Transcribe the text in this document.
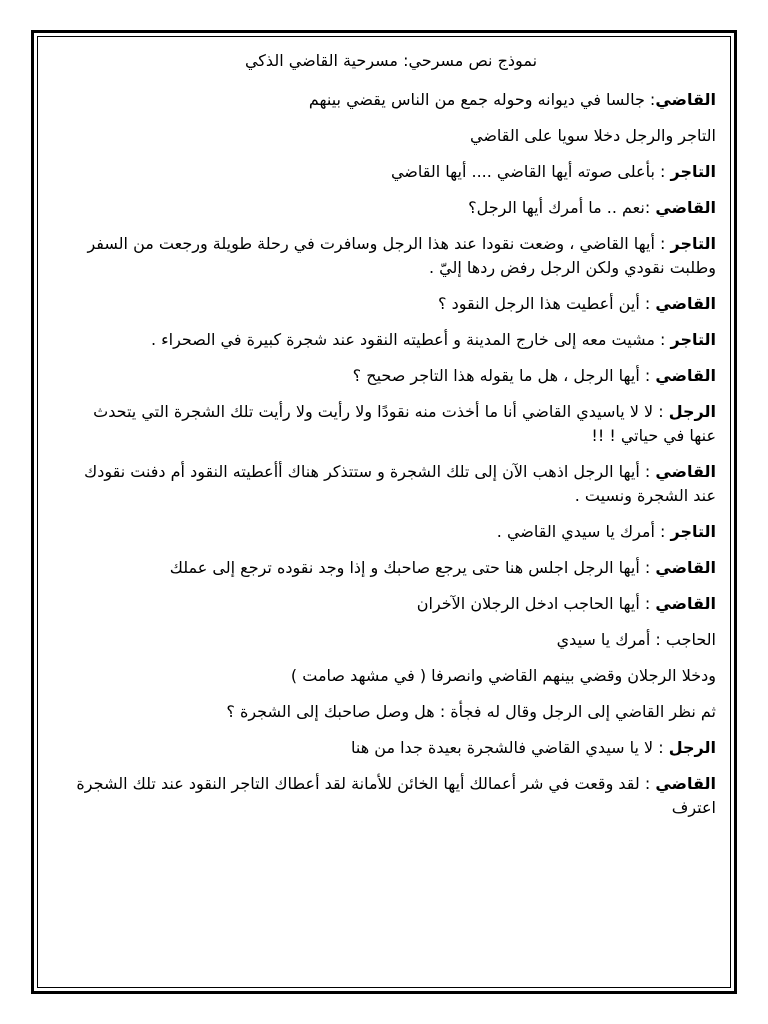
نموذج نص مسرحي: مسرحية القاضي الذكي
القاضي: جالسا في ديوانه وحوله جمع من الناس يقضي بينهم
التاجر والرجل دخلا سويا على القاضي
التاجر : بأعلى صوته أيها القاضي .... أيها القاضي
القاضي :نعم .. ما أمرك أيها الرجل؟
التاجر : أيها القاضي ، وضعت نقودا عند هذا الرجل وسافرت في رحلة طويلة ورجعت من السفر وطلبت نقودي ولكن الرجل رفض ردها إليّ .
القاضي : أين أعطيت هذا الرجل النقود ؟
التاجر : مشيت معه إلى خارج المدينة و أعطيته النقود عند شجرة كبيرة في الصحراء .
القاضي : أيها الرجل ، هل ما يقوله هذا التاجر صحيح ؟
الرجل : لا لا ياسيدي القاضي أنا ما أخذت منه نقودًا ولا رأيت ولا رأيت تلك الشجرة التي يتحدث عنها في حياتي ! !!
القاضي : أيها الرجل اذهب الآن إلى تلك الشجرة و ستتذكر هناك أأعطيته النقود أم دفنت نقودك عند الشجرة ونسيت .
التاجر : أمرك يا سيدي القاضي .
القاضي : أيها الرجل اجلس هنا حتى يرجع صاحبك و إذا وجد نقوده ترجع إلى عملك
القاضي : أيها الحاجب ادخل الرجلان الآخران
الحاجب : أمرك يا سيدي
ودخلا الرجلان وقضي بينهم القاضي وانصرفا ( في مشهد صامت )
ثم نظر القاضي إلى الرجل وقال له فجأة : هل وصل صاحبك إلى الشجرة ؟
الرجل : لا يا سيدي القاضي فالشجرة بعيدة جدا من هنا
القاضي : لقد وقعت في شر أعمالك أيها الخائن للأمانة لقد أعطاك التاجر النقود عند تلك الشجرة اعترف
